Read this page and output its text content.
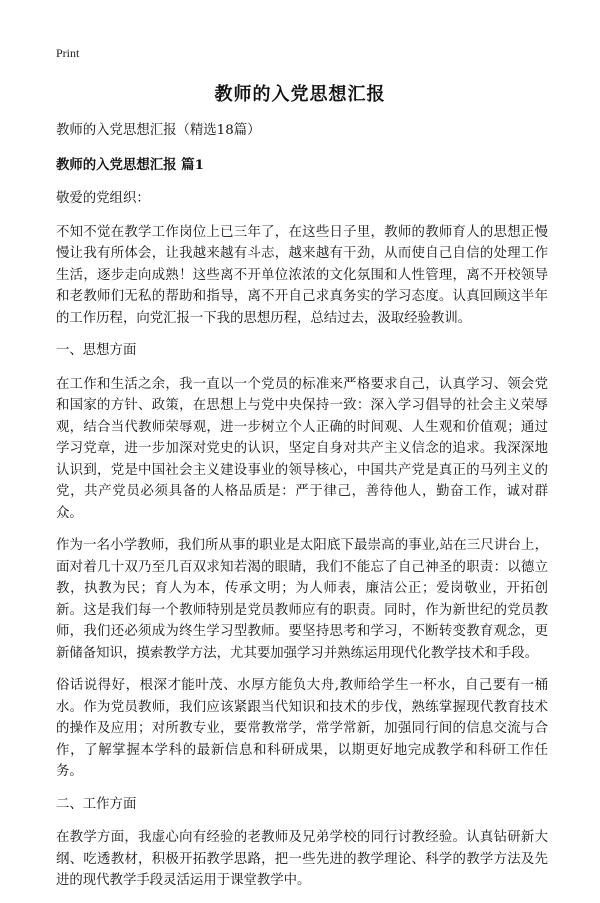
Print
教师的入党思想汇报

教师的入党思想汇报（精选18篇）

教师的入党思想汇报 篇1

敬爱的党组织：

不知不觉在教学工作岗位上已三年了，在这些日子里，教师的教师育人的思想正慢慢让我有所体会，让我越来越有斗志，越来越有干劲，从而使自己自信的处理工作生活，逐步走向成熟！这些离不开单位浓浓的文化氛围和人性管理，离不开校领导和老教师们无私的帮助和指导，离不开自己求真务实的学习态度。认真回顾这半年的工作历程，向党汇报一下我的思想历程，总结过去，汲取经验教训。

一、思想方面

在工作和生活之余，我一直以一个党员的标准来严格要求自己，认真学习、领会党和国家的方针、政策，在思想上与党中央保持一致：深入学习倡导的社会主义荣辱观，结合当代教师荣辱观，进一步树立个人正确的时间观、人生观和价值观；通过学习党章，进一步加深对党史的认识，坚定自身对共产主义信念的追求。我深深地认识到，党是中国社会主义建设事业的领导核心，中国共产党是真正的马列主义的党，共产党员必须具备的人格品质是：严于律己，善待他人，勤奋工作，诚对群众。

作为一名小学教师，我们所从事的职业是太阳底下最崇高的事业,站在三尺讲台上，面对着几十双乃至几百双求知若渴的眼睛，我们不能忘了自己神圣的职责：以德立教，执教为民；育人为本，传承文明；为人师表，廉洁公正；爱岗敬业，开拓创新。这是我们每一个教师特别是党员教师应有的职责。同时，作为新世纪的党员教师，我们还必须成为终生学习型教师。要坚持思考和学习，不断转变教育观念，更新储备知识，摸索教学方法，尤其要加强学习并熟练运用现代化教学技术和手段。

俗话说得好，根深才能叶茂、水厚方能负大舟,教师给学生一杯水，自己要有一桶水。作为党员教师，我们应该紧跟当代知识和技术的步伐，熟练掌握现代教育技术的操作及应用；对所教专业，要常教常学，常学常新，加强同行间的信息交流与合作，了解掌握本学科的最新信息和科研成果，以期更好地完成教学和科研工作任务。

二、工作方面

在教学方面，我虚心向有经验的老教师及兄弟学校的同行讨教经验。认真钻研新大纲、吃透教材，积极开拓教学思路，把一些先进的教学理论、科学的教学方法及先进的现代教学手段灵活运用于课堂教学中。
